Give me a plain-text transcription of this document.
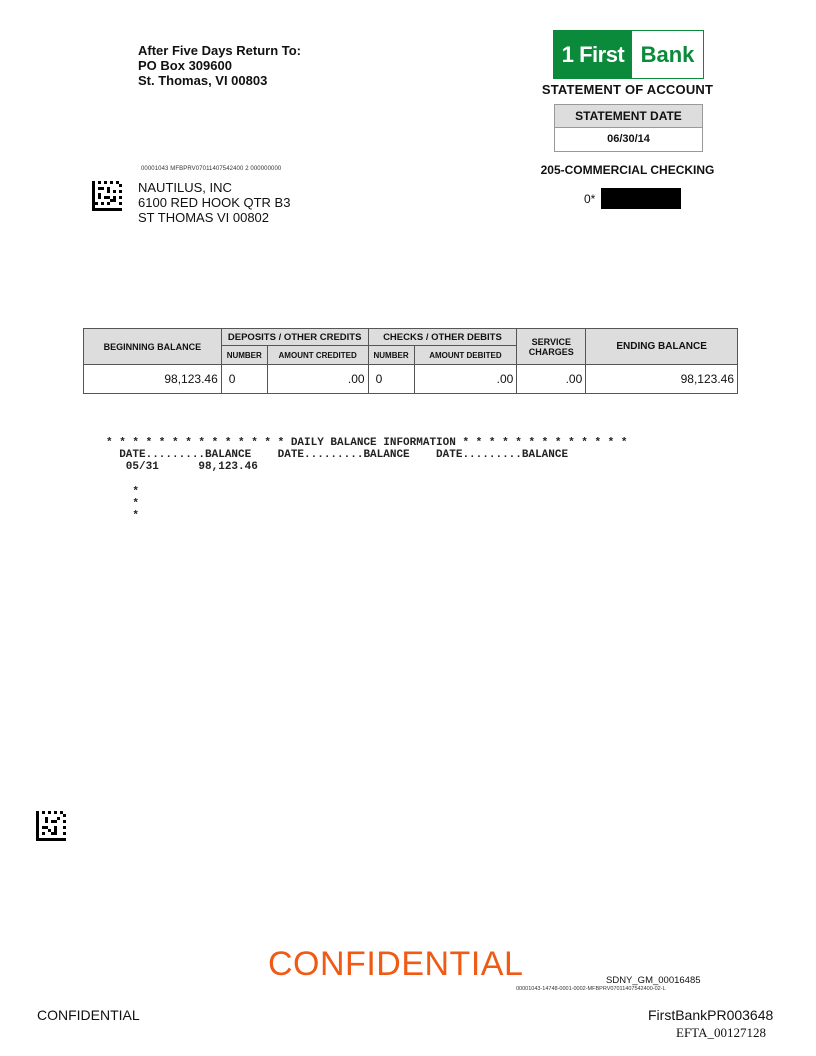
After Five Days Return To:
PO Box 309600
St. Thomas, VI 00803
1 First Bank
STATEMENT OF ACCOUNT
STATEMENT DATE
06/30/14
205-COMMERCIAL CHECKING
0*
00001043 MFBPRV07011407542400 2 000000000
NAUTILUS, INC
6100 RED HOOK QTR B3
ST THOMAS VI 00802
BEGINNING BALANCE	DEPOSITS / OTHER CREDITS		CHECKS / OTHER DEBITS		SERVICE CHARGES	ENDING BALANCE
	NUMBER	AMOUNT CREDITED	NUMBER	AMOUNT DEBITED		
98,123.46	0	.00	0	.00	.00	98,123.46

* * * * * * * * * * * * * * DAILY BALANCE INFORMATION * * * * * * * * * * * * *
DATE.........BALANCE    DATE.........BALANCE    DATE.........BALANCE
05/31      98,123.46
*
*
*

CONFIDENTIAL	SDNY_GM_00016485
00001043-14748-0001-0002-MFBPRV07011407542400-02-L
CONFIDENTIAL	FirstBankPR003648
EFTA_00127128
